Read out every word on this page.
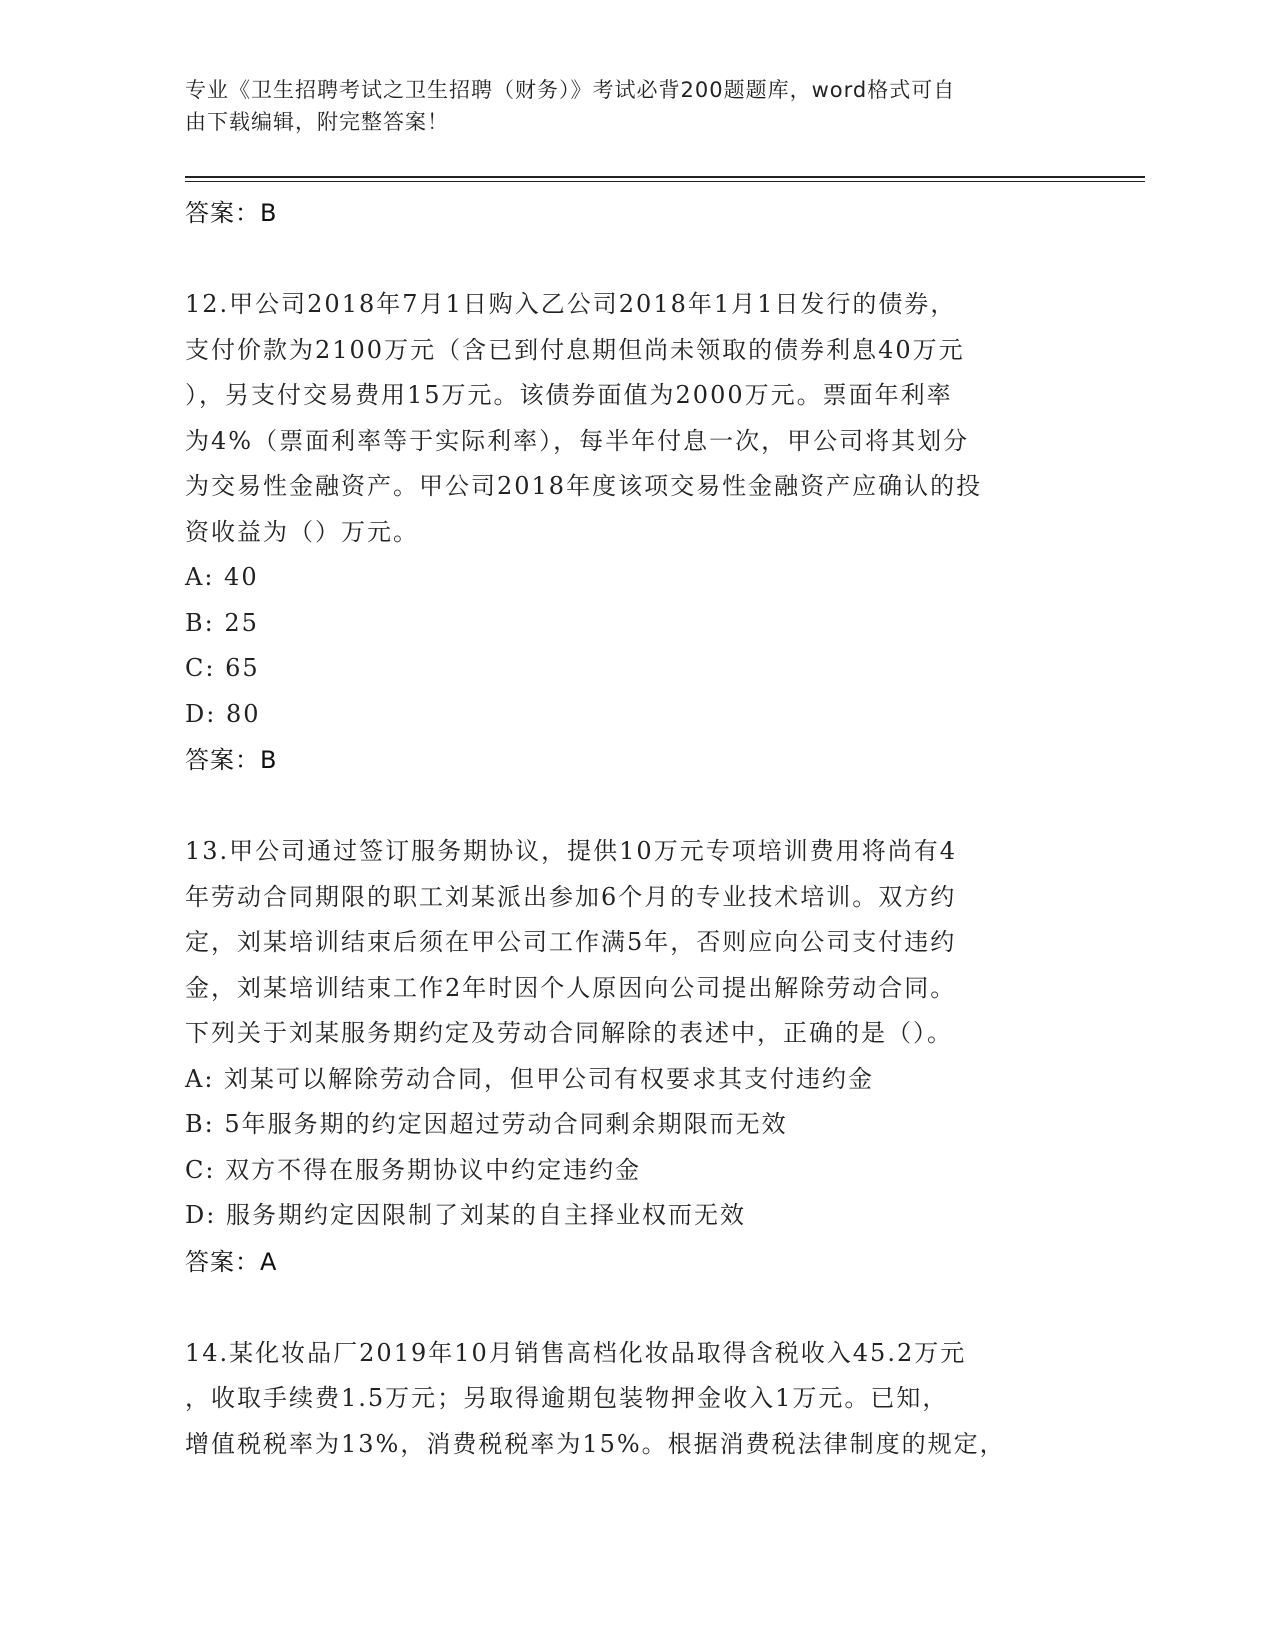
专业《卫生招聘考试之卫生招聘（财务）》考试必背200题题库，word格式可自
由下载编辑，附完整答案！
答案：B
12.甲公司2018年7月1日购入乙公司2018年1月1日发行的债券，
支付价款为2100万元（含已到付息期但尚未领取的债券利息40万元
），另支付交易费用15万元。该债券面值为2000万元。票面年利率
为4%（票面利率等于实际利率），每半年付息一次，甲公司将其划分
为交易性金融资产。甲公司2018年度该项交易性金融资产应确认的投
资收益为（）万元。
A: 40
B: 25
C: 65
D: 80
答案：B
13.甲公司通过签订服务期协议，提供10万元专项培训费用将尚有4
年劳动合同期限的职工刘某派出参加6个月的专业技术培训。双方约
定，刘某培训结束后须在甲公司工作满5年，否则应向公司支付违约
金，刘某培训结束工作2年时因个人原因向公司提出解除劳动合同。
下列关于刘某服务期约定及劳动合同解除的表述中，正确的是（）。
A: 刘某可以解除劳动合同，但甲公司有权要求其支付违约金
B: 5年服务期的约定因超过劳动合同剩余期限而无效
C: 双方不得在服务期协议中约定违约金
D: 服务期约定因限制了刘某的自主择业权而无效
答案：A
14.某化妆品厂2019年10月销售高档化妆品取得含税收入45.2万元
，收取手续费1.5万元；另取得逾期包装物押金收入1万元。已知，
增值税税率为13%，消费税税率为15%。根据消费税法律制度的规定，
